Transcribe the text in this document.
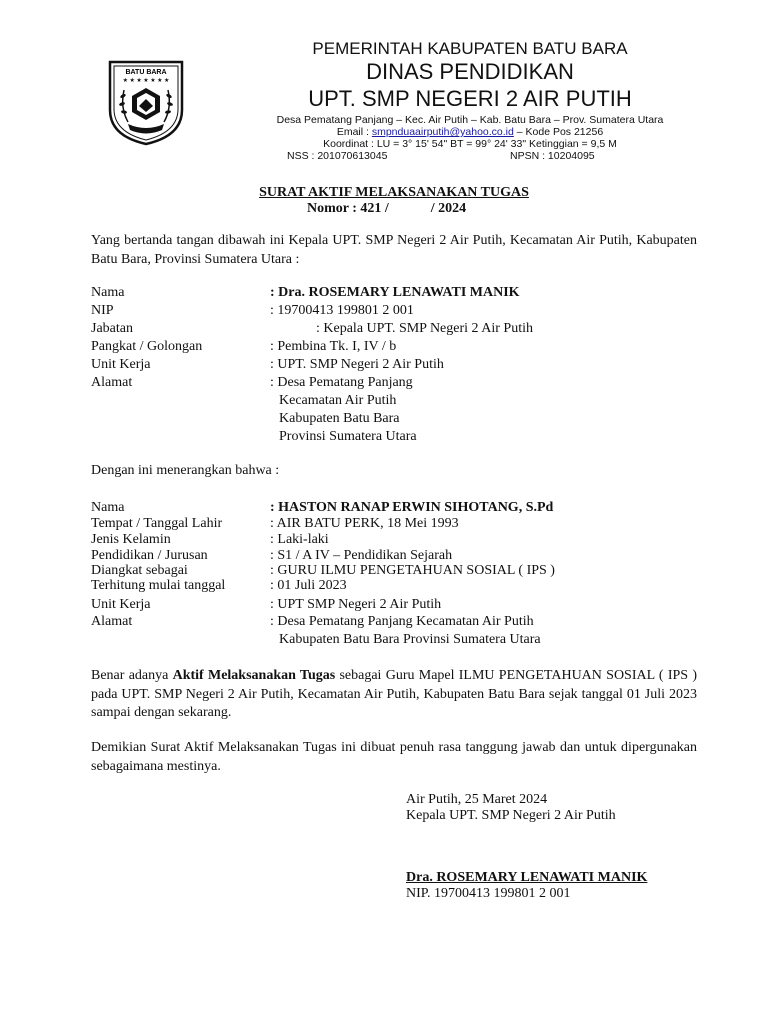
BATU BARA
★ ★ ★ ★ ★ ★ ★
PEMERINTAH KABUPATEN BATU BARA
DINAS PENDIDIKAN
UPT. SMP NEGERI 2 AIR PUTIH
Desa Pematang Panjang – Kec. Air Putih – Kab. Batu Bara – Prov. Sumatera Utara
Email : smpnduaairputih@yahoo.co.id – Kode Pos 21256
Koordinat : LU = 3° 15' 54" BT = 99° 24' 33" Ketinggian = 9,5 M
NSS : 201070613045	NPSN : 10204095
SURAT AKTIF MELAKSANAKAN TUGAS
Nomor : 421 /            / 2024
Yang bertanda tangan dibawah ini Kepala UPT. SMP Negeri 2 Air Putih, Kecamatan Air Putih, Kabupaten Batu Bara, Provinsi Sumatera Utara :
Nama	: Dra. ROSEMARY LENAWATI MANIK
NIP	: 19700413 199801 2 001
Jabatan	: Kepala UPT. SMP Negeri 2 Air Putih
Pangkat / Golongan	: Pembina Tk. I, IV / b
Unit Kerja	: UPT. SMP Negeri 2 Air Putih
Alamat	: Desa Pematang Panjang
Kecamatan Air Putih
Kabupaten Batu Bara
Provinsi Sumatera Utara
Dengan ini menerangkan bahwa :
Nama	: HASTON RANAP ERWIN SIHOTANG, S.Pd
Tempat / Tanggal Lahir	: AIR BATU PERK, 18 Mei 1993
Jenis Kelamin	: Laki-laki
Pendidikan / Jurusan	: S1 / A IV – Pendidikan Sejarah
Diangkat sebagai	: GURU ILMU PENGETAHUAN SOSIAL ( IPS )
Terhitung mulai tanggal	: 01 Juli 2023
Unit Kerja	: UPT SMP Negeri 2 Air Putih
Alamat	: Desa Pematang Panjang Kecamatan Air Putih
Kabupaten Batu Bara Provinsi Sumatera Utara
Benar adanya Aktif Melaksanakan Tugas sebagai Guru Mapel ILMU PENGETAHUAN SOSIAL ( IPS ) pada UPT. SMP Negeri 2 Air Putih, Kecamatan Air Putih, Kabupaten Batu Bara sejak tanggal 01 Juli 2023 sampai dengan sekarang.
Demikian Surat Aktif Melaksanakan Tugas ini dibuat penuh rasa tanggung jawab dan untuk dipergunakan sebagaimana mestinya.
Air Putih, 25 Maret 2024
Kepala UPT. SMP Negeri 2 Air Putih
Dra. ROSEMARY LENAWATI MANIK
NIP. 19700413 199801 2 001
